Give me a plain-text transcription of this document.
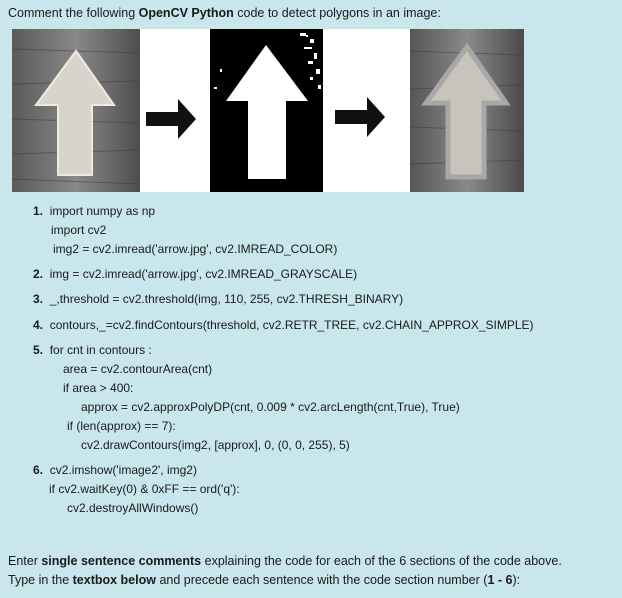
Comment the following OpenCV Python code to detect polygons in an image:
1. import numpy as np
import cv2
img2 = cv2.imread('arrow.jpg', cv2.IMREAD_COLOR)
2. img = cv2.imread('arrow.jpg', cv2.IMREAD_GRAYSCALE)
3. _,threshold = cv2.threshold(img, 110, 255, cv2.THRESH_BINARY)
4. contours,_=cv2.findContours(threshold, cv2.RETR_TREE, cv2.CHAIN_APPROX_SIMPLE)
5. for cnt in contours :
area = cv2.contourArea(cnt)
if area > 400:
approx = cv2.approxPolyDP(cnt, 0.009 * cv2.arcLength(cnt,True), True)
if (len(approx) == 7):
cv2.drawContours(img2, [approx], 0, (0, 0, 255), 5)
6. cv2.imshow('image2', img2)
if cv2.waitKey(0) & 0xFF == ord('q'):
cv2.destroyAllWindows()
Enter single sentence comments explaining the code for each of the 6 sections of the code above.
Type in the textbox below and precede each sentence with the code section number (1 - 6):
